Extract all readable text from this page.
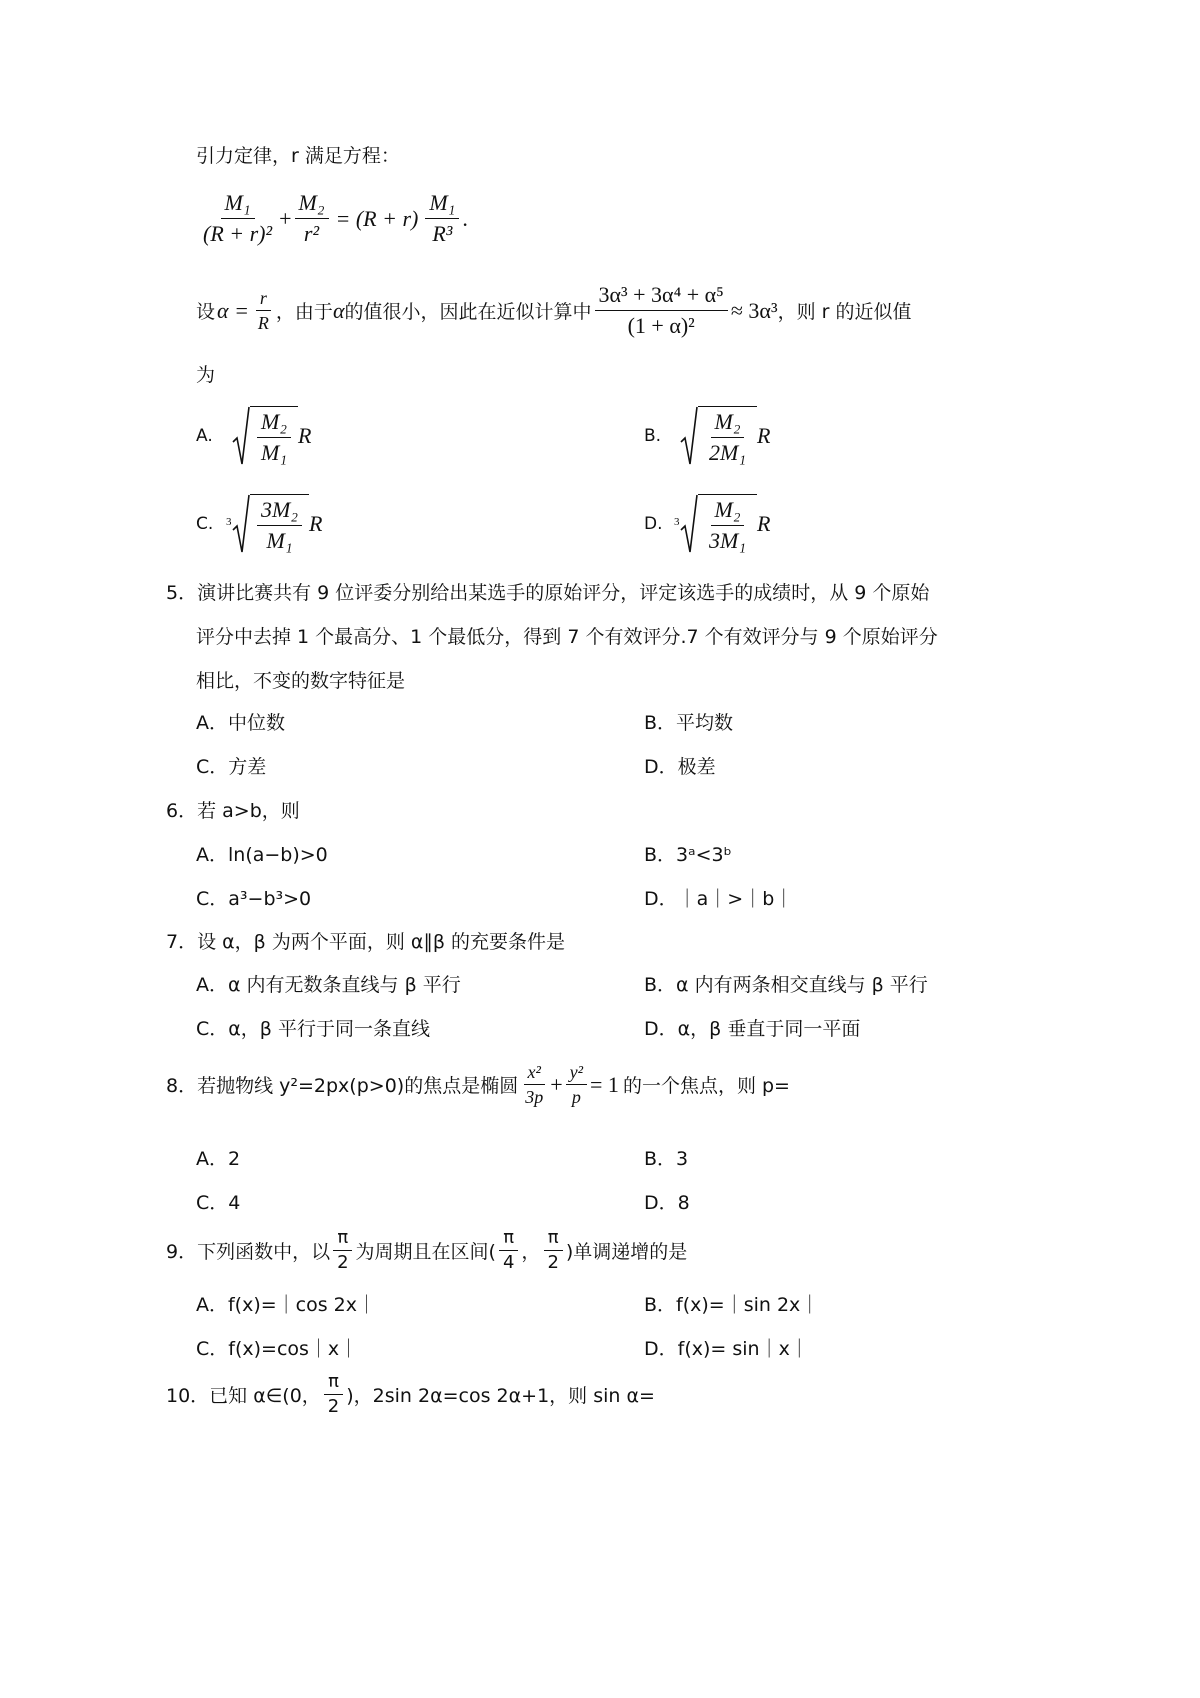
引力定律，r 满足方程：
$\frac{\text{M₁}}{\text{(R + r)²}} + \frac{\text{M₂}}{\text{r²}} = (R + r) \frac{\text{M₁}}{\text{R³}}$ .
设 $\alpha = \frac{r}{R}$ ，由于 α 的值很小，因此在近似计算中 $\frac{\text{3α³ + 3α⁴ + α⁵}}{\text{(1 + α)²}} \approx 3\alpha^3$ ，则 r 的近似值
为
A.	$\frac{\text{M₂}}{\text{M₁}}$ R	B.	$\frac{\text{M₂}}{\text{2M₁}}$ R
C.	$3 \frac{\text{3M₂}}{\text{M₁}}$ R	D.	$3 \frac{\text{M₂}}{\text{3M₁}}$ R
5．演讲比赛共有 9 位评委分别给出某选手的原始评分，评定该选手的成绩时，从 9 个原始
评分中去掉 1 个最高分、1 个最低分，得到 7 个有效评分.7 个有效评分与 9 个原始评分
相比，不变的数字特征是
A．中位数	B．平均数
C．方差	D．极差
6．若 a>b，则
A．ln(a−b)>0	B．3ᵃ<3ᵇ
C．a³−b³>0	D．｜a｜>｜b｜
7．设 α，β 为两个平面，则 α∥β 的充要条件是
A．α 内有无数条直线与 β 平行	B．α 内有两条相交直线与 β 平行
C．α，β 平行于同一条直线	D．α，β 垂直于同一平面
8．若抛物线 y²=2px(p>0)的焦点是椭圆 $\frac{\text{x²}}{3p} + \frac{\text{y²}}{p} = 1$ 的一个焦点，则 p=
A．2	B．3
C．4	D．8
9．下列函数中，以 $\frac{\pi}{2}$ 为周期且在区间( $\frac{\pi}{4}$ ， $\frac{\pi}{2}$ )单调递增的是
A．f(x)=｜cos 2x｜	B．f(x)=｜sin 2x｜
C．f(x)=cos｜x｜	D．f(x)= sin｜x｜
10．已知 α∈(0， $\frac{\pi}{2}$ )，2sin 2α=cos 2α+1，则 sin α=
